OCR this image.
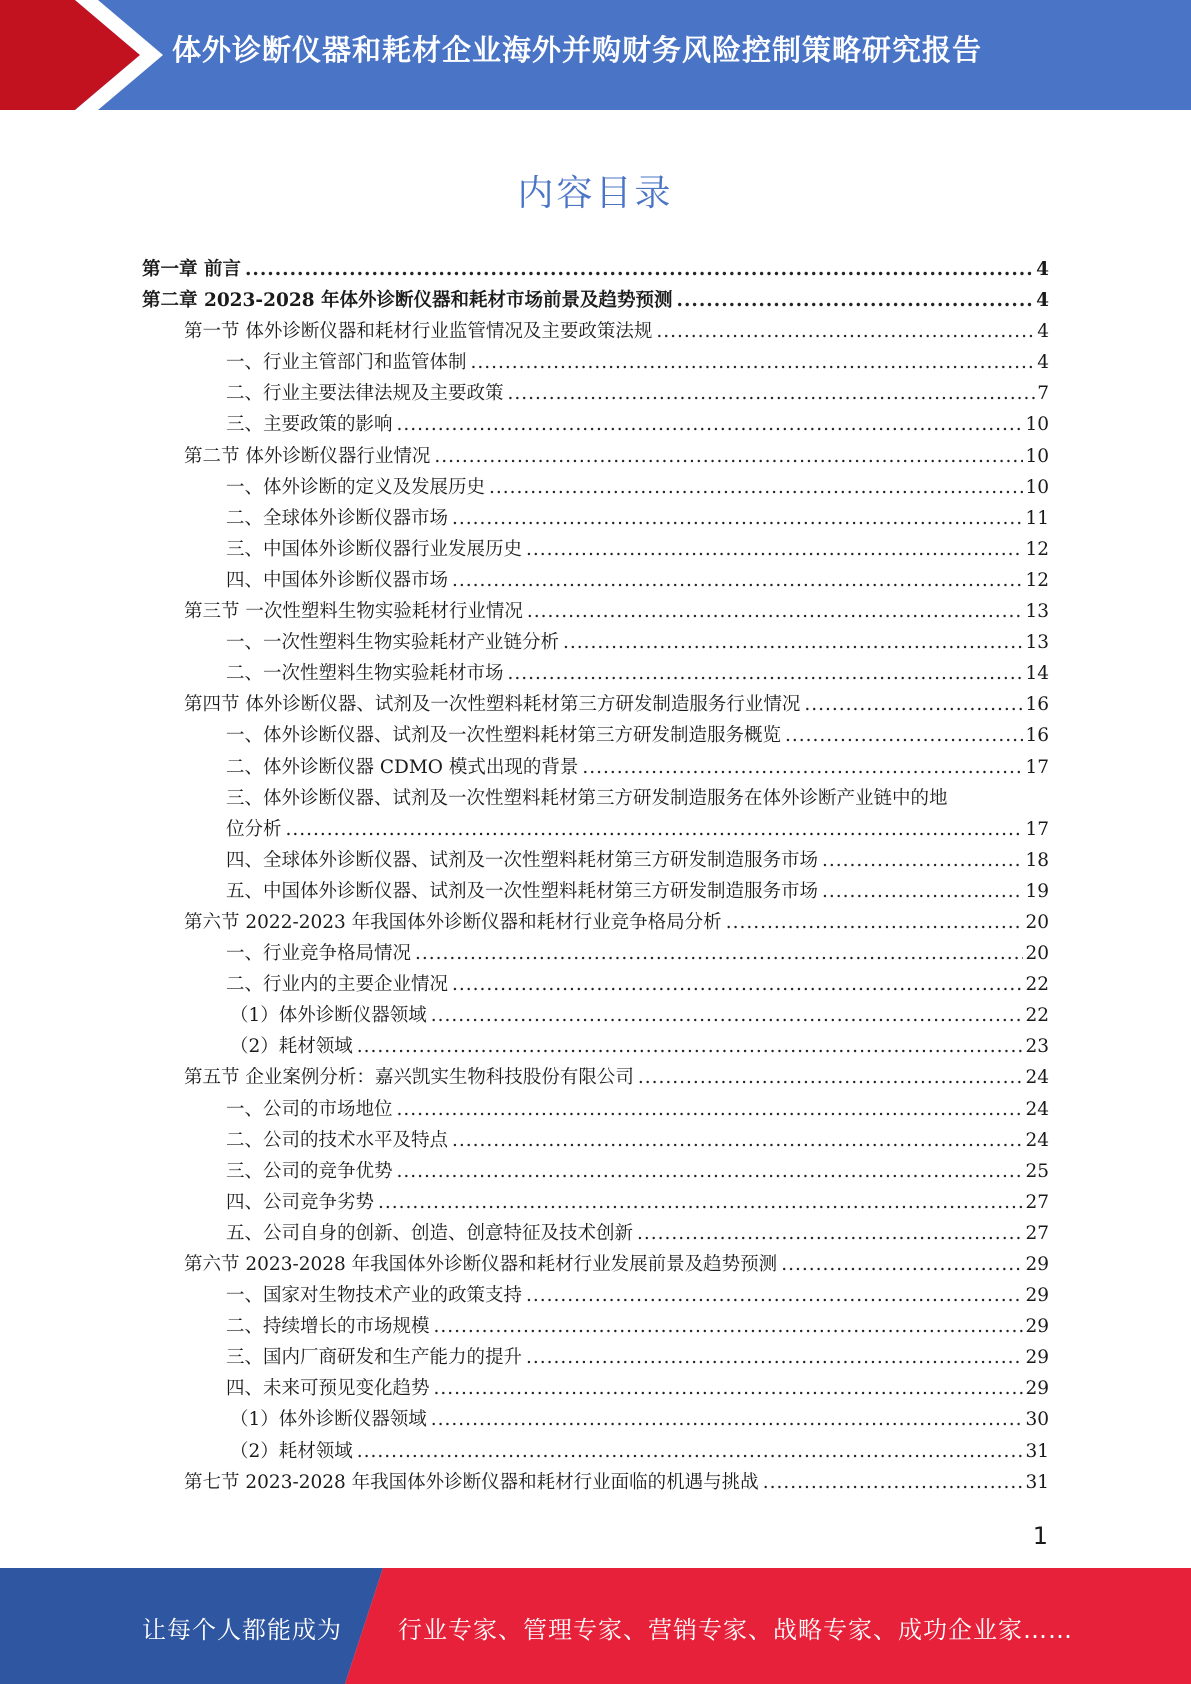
体外诊断仪器和耗材企业海外并购财务风险控制策略研究报告
内容目录
第一章 前言 .....	4
第二章 2023-2028 年体外诊断仪器和耗材市场前景及趋势预测 .....	4
第一节 体外诊断仪器和耗材行业监管情况及主要政策法规 .....	4
一、行业主管部门和监管体制 .....	4
二、行业主要法律法规及主要政策 .....	7
三、主要政策的影响 .....	10
第二节 体外诊断仪器行业情况 .....	10
一、体外诊断的定义及发展历史 .....	10
二、全球体外诊断仪器市场 .....	11
三、中国体外诊断仪器行业发展历史 .....	12
四、中国体外诊断仪器市场 .....	12
第三节 一次性塑料生物实验耗材行业情况 .....	13
一、一次性塑料生物实验耗材产业链分析 .....	13
二、一次性塑料生物实验耗材市场 .....	14
第四节 体外诊断仪器、试剂及一次性塑料耗材第三方研发制造服务行业情况 .....	16
一、体外诊断仪器、试剂及一次性塑料耗材第三方研发制造服务概览 .....	16
二、体外诊断仪器 CDMO 模式出现的背景 .....	17
三、体外诊断仪器、试剂及一次性塑料耗材第三方研发制造服务在体外诊断产业链中的地
位分析 .....	17
四、全球体外诊断仪器、试剂及一次性塑料耗材第三方研发制造服务市场 .....	18
五、中国体外诊断仪器、试剂及一次性塑料耗材第三方研发制造服务市场 .....	19
第六节 2022-2023 年我国体外诊断仪器和耗材行业竞争格局分析 .....	20
一、行业竞争格局情况 .....	20
二、行业内的主要企业情况 .....	22
（1）体外诊断仪器领域 .....	22
（2）耗材领域 .....	23
第五节 企业案例分析：嘉兴凯实生物科技股份有限公司 .....	24
一、公司的市场地位 .....	24
二、公司的技术水平及特点 .....	24
三、公司的竞争优势 .....	25
四、公司竞争劣势 .....	27
五、公司自身的创新、创造、创意特征及技术创新 .....	27
第六节 2023-2028 年我国体外诊断仪器和耗材行业发展前景及趋势预测 .....	29
一、国家对生物技术产业的政策支持 .....	29
二、持续增长的市场规模 .....	29
三、国内厂商研发和生产能力的提升 .....	29
四、未来可预见变化趋势 .....	29
（1）体外诊断仪器领域 .....	30
（2）耗材领域 .....	31
第七节 2023-2028 年我国体外诊断仪器和耗材行业面临的机遇与挑战 .....	31
1
让每个人都能成为 行业专家、管理专家、营销专家、战略专家、成功企业家……
